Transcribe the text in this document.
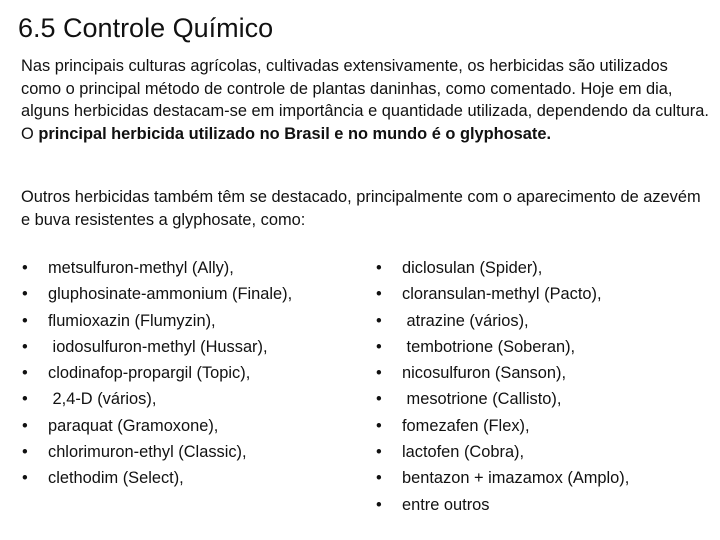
6.5 Controle Químico

Nas principais culturas agrícolas, cultivadas extensivamente, os herbicidas são utilizados como o principal método de controle de plantas daninhas, como comentado. Hoje em dia, alguns herbicidas destacam-se em importância e quantidade utilizada, dependendo da cultura. O principal herbicida utilizado no Brasil e no mundo é o glyphosate.

Outros herbicidas também têm se destacado, principalmente com o aparecimento de azevém e buva resistentes a glyphosate, como:

• metsulfuron-methyl (Ally),
• gluphosinate-ammonium (Finale),
• flumioxazin (Flumyzin),
• iodosulfuron-methyl (Hussar),
• clodinafop-propargil (Topic),
• 2,4-D (vários),
• paraquat (Gramoxone),
• chlorimuron-ethyl (Classic),
• clethodim (Select),
• diclosulan (Spider),
• cloransulan-methyl (Pacto),
• atrazine (vários),
• tembotrione (Soberan),
• nicosulfuron (Sanson),
• mesotrione (Callisto),
• fomezafen (Flex),
• lactofen (Cobra),
• bentazon + imazamox (Amplo),
• entre outros
